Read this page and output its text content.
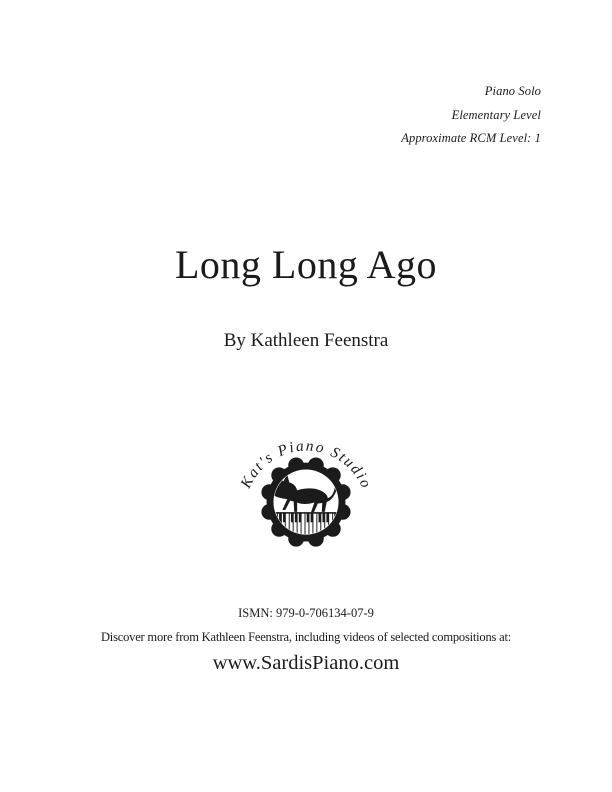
Piano Solo
Elementary Level
Approximate RCM Level: 1
Long Long Ago
By Kathleen Feenstra
Kat's Piano Studio
ISMN: 979-0-706134-07-9
Discover more from Kathleen Feenstra, including videos of selected compositions at:
www.SardisPiano.com
